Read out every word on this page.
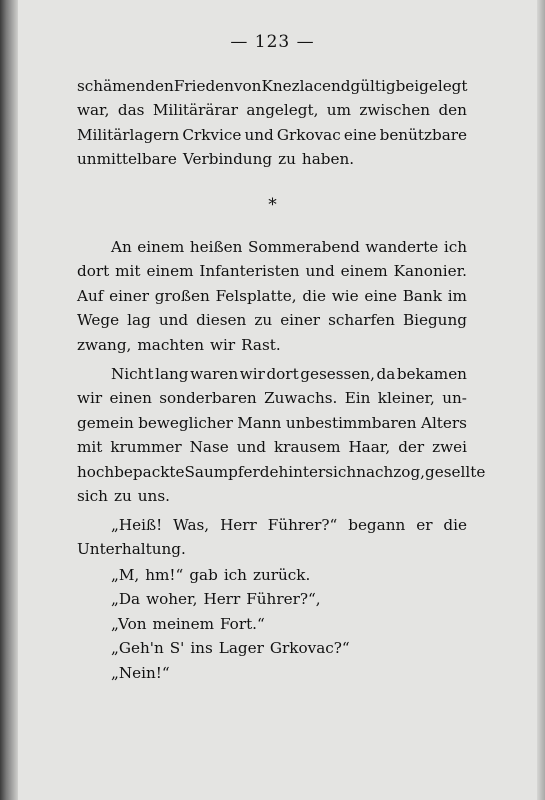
— 123 —
schämenden Frieden von Knezlac endgültig beigelegt
war, das Militärärar angelegt, um zwischen den
Militärlagern Crkvice und Grkovac eine benützbare
unmittelbare Verbindung zu haben.
*
An einem heißen Sommerabend wanderte ich
dort mit einem Infanteristen und einem Kanonier.
Auf einer großen Felsplatte, die wie eine Bank im
Wege lag und diesen zu einer scharfen Biegung
zwang, machten wir Rast.
Nicht lang waren wir dort gesessen, da bekamen
wir einen sonderbaren Zuwachs. Ein kleiner, un-
gemein beweglicher Mann unbestimmbaren Alters
mit krummer Nase und krausem Haar, der zwei
hochbepackte Saumpferde hinter sich nachzog, gesellte
sich zu uns.
„Heiß! Was, Herr Führer?“ begann er die
Unterhaltung.
„M, hm!“ gab ich zurück.
„Da woher, Herr Führer?“,
„Von meinem Fort.“
„Geh'n S' ins Lager Grkovac?“
„Nein!“
